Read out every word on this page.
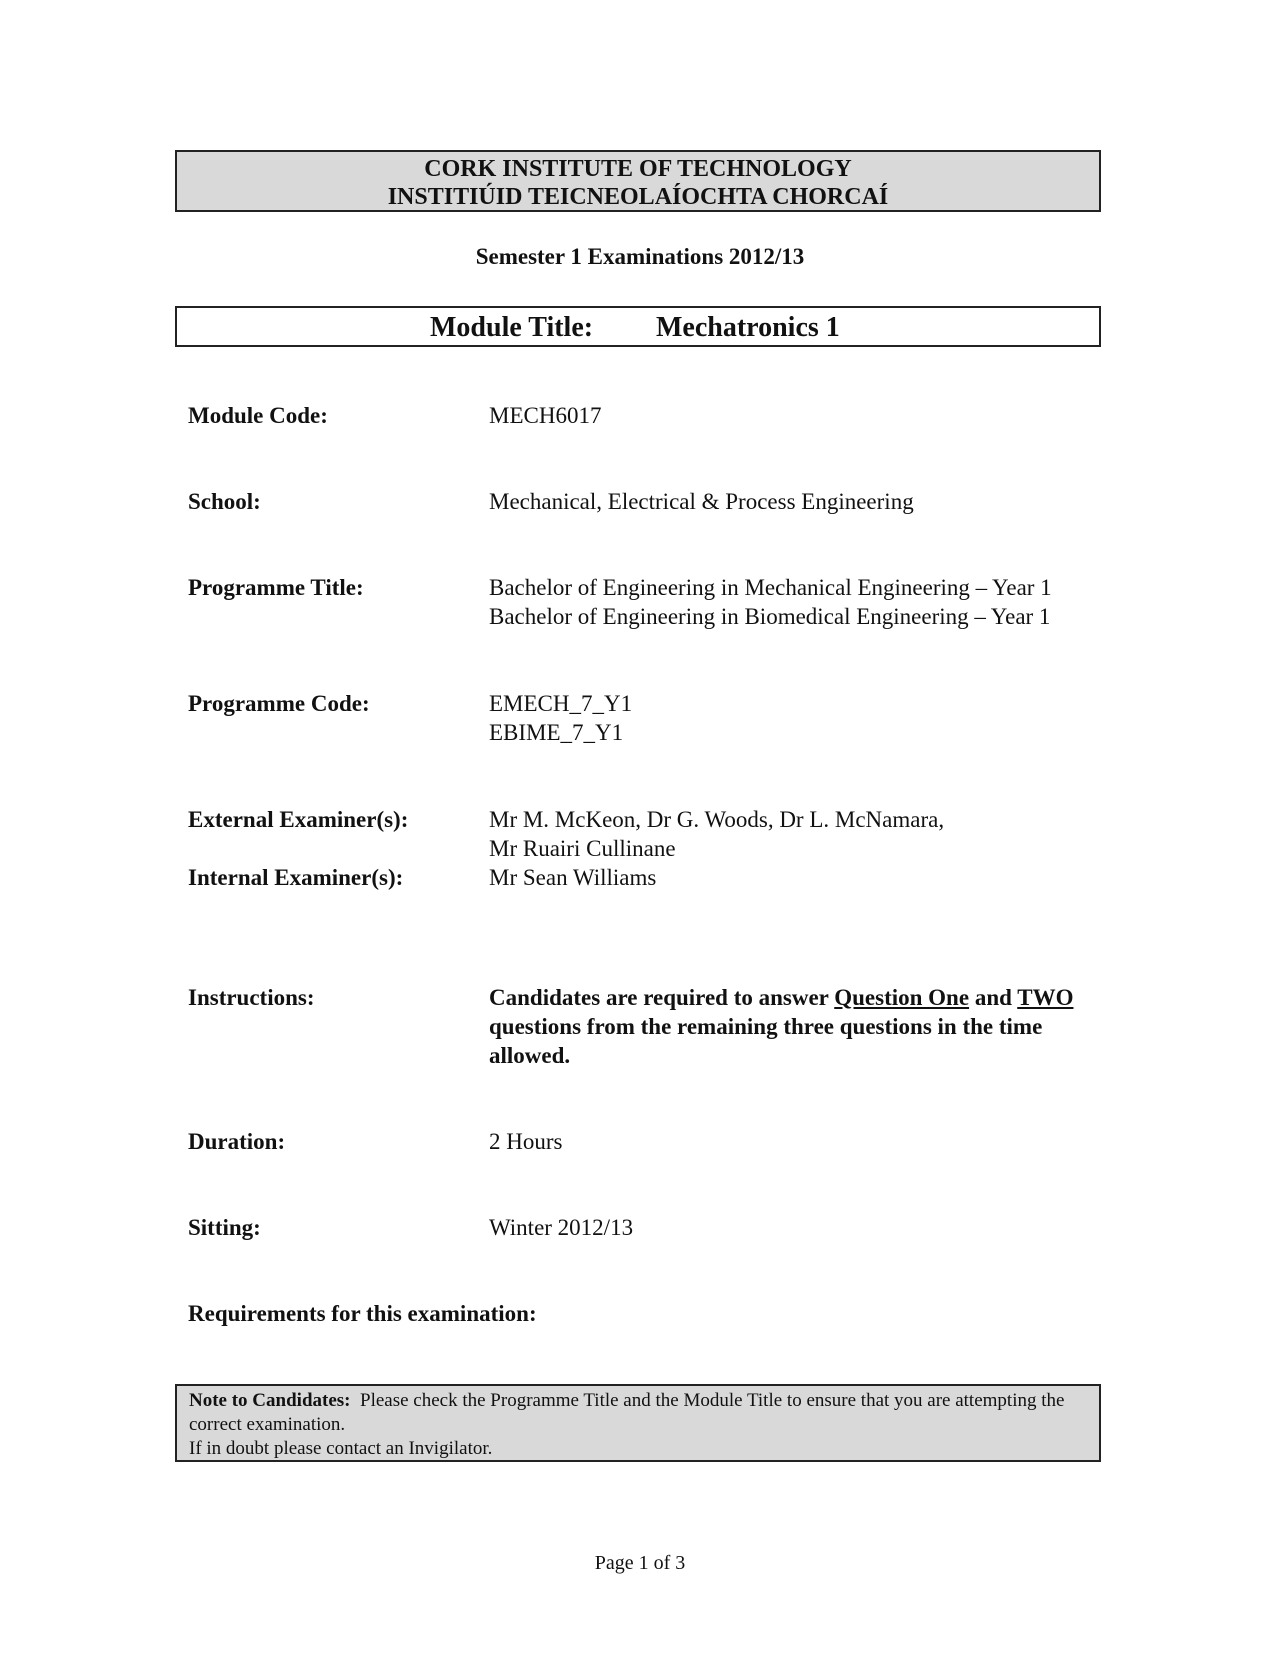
CORK INSTITUTE OF TECHNOLOGY
INSTITIÚID TEICNEOLAÍOCHTA CHORCAÍ
Semester 1 Examinations 2012/13
Module Title: Mechatronics 1
Module Code:	MECH6017
School:	Mechanical, Electrical & Process Engineering
Programme Title:	Bachelor of Engineering in Mechanical Engineering – Year 1
Bachelor of Engineering in Biomedical Engineering – Year 1
Programme Code:	EMECH_7_Y1
EBIME_7_Y1
External Examiner(s):	Mr M. McKeon, Dr G. Woods, Dr L. McNamara,
Mr Ruairi Cullinane
Internal Examiner(s):	Mr Sean Williams
Instructions:	Candidates are required to answer Question One and TWO questions from the remaining three questions in the time allowed.
Duration:	2 Hours
Sitting:	Winter 2012/13
Requirements for this examination:
Note to Candidates:  Please check the Programme Title and the Module Title to ensure that you are attempting the correct examination.
If in doubt please contact an Invigilator.
Page 1 of 3
